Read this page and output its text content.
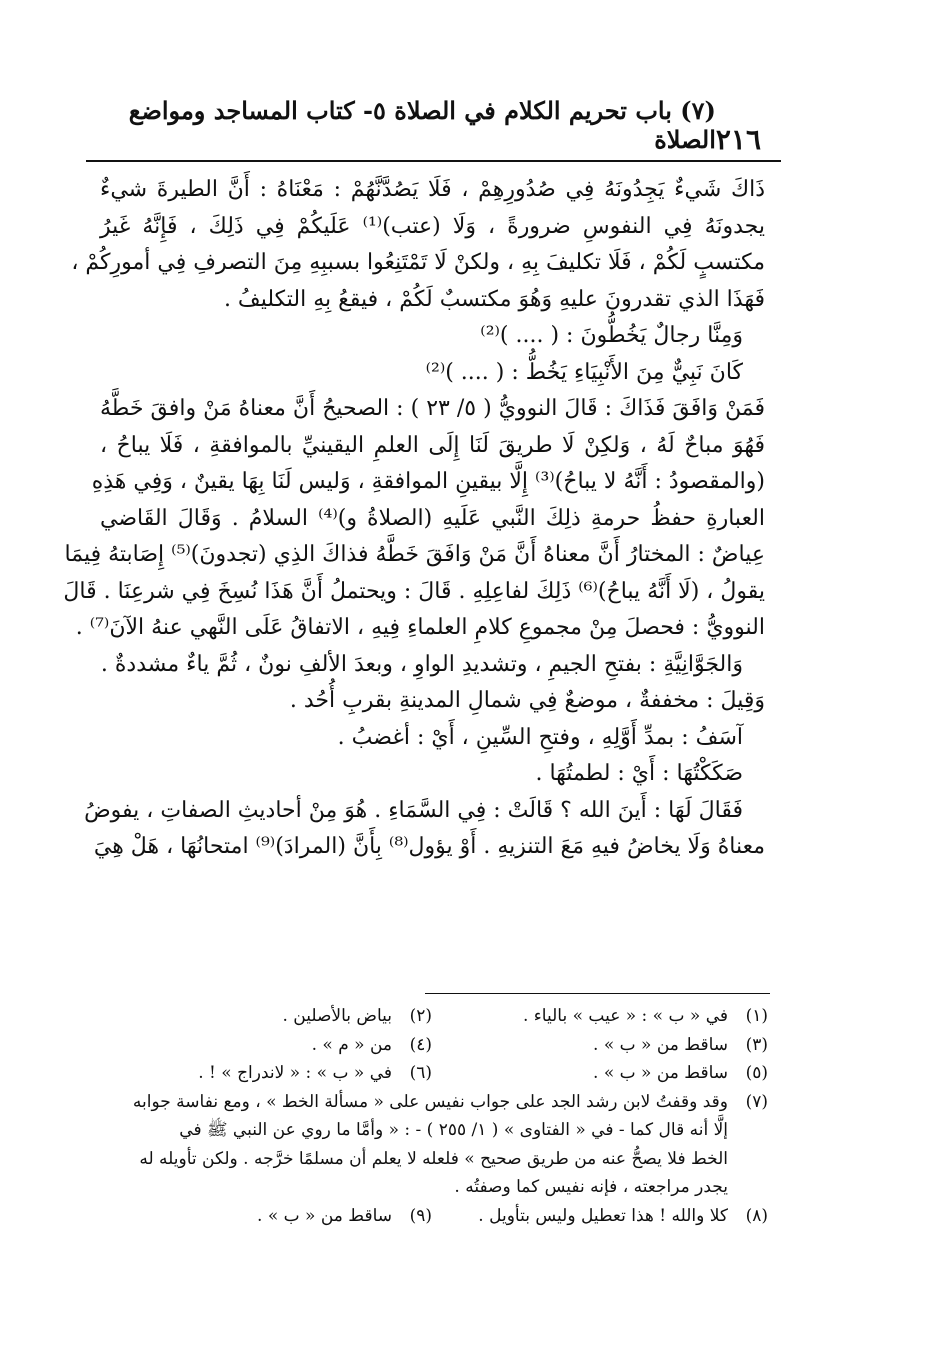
٢١٦
(٧) باب تحريم الكلام في الصلاة ٥- كتاب المساجد ومواضع الصلاة
ذَاكَ شَيءٌ يَجِدُونَهُ فِي صُدُورِهِمْ ، فَلَا يَصُدَّنَّهُمْ : مَعْنَاهُ : أَنَّ الطيرةَ شيءٌ
يجدونَهُ فِي النفوسِ ضرورةً ، وَلَا (عتب)⁽¹⁾ عَلَيكُمْ فِي ذَلِكَ ، فَإِنَّهُ غَيرُ
مكتسبٍ لَكُمْ ، فَلَا تكليفَ بِهِ ، ولكنْ لَا تَمْتَنِعُوا بسببِهِ مِنَ التصرفِ فِي أمورِكُمْ ،
فَهَذَا الذي تقدرونَ عليهِ وَهُوَ مكتسبٌ لَكُمْ ، فيقعُ بِهِ التكليفُ .
وَمِنَّا رجالٌ يَخُطُّونَ : ( .... )⁽²⁾
كَانَ نَبِيٌّ مِنَ الأَنْبِيَاءِ يَخُطُّ : ( .... )⁽²⁾
فَمَنْ وَافَقَ فَذَاكَ : قَالَ النوويُّ ( ٥/ ٢٣ ) : الصحيحُ أَنَّ معناهُ مَنْ وافقَ خَطَّهُ
فَهُوَ مباحٌ لَهُ ، وَلكِنْ لَا طريقَ لَنَا إِلَى العلمِ اليقينيِّ بالموافقةِ ، فَلَا يباحُ ،
(والمقصودُ : أَنَّهُ لا يباحُ)⁽³⁾ إِلَّا بيقينِ الموافقةِ ، وَليس لَنَا بِهَا يقينٌ ، وَفِي هَذِهِ
العبارةِ حفظُ حرمةِ ذلِكَ النَّبي عَلَيهِ (الصلاةُ و)⁽⁴⁾ السلامُ . وَقَالَ القَاضي
عِياضٌ : المختارُ أَنَّ معناهُ أَنَّ مَنْ وَافَقَ خَطَّهُ فذاكَ الذِي (تجدونَ)⁽⁵⁾ إِصَابتهُ فِيمَا
يقولُ ، (لَا أَنَّهُ يباحُ)⁽⁶⁾ ذَلِكَ لفاعِلِهِ . قَالَ : ويحتملُ أَنَّ هَذَا نُسِخَ فِي شرعِنَا . قَالَ
النوويُّ : فحصلَ مِنْ مجموعِ كلامِ العلماءِ فِيهِ ، الاتفاقُ عَلَى النَّهي عنهُ الآنَ⁽⁷⁾ .
وَالجَوَّانِيَّةِ : بفتحِ الجيمِ ، وتشديدِ الواوِ ، وبعدَ الألفِ نونٌ ، ثُمَّ ياءٌ مشددةٌ .
وَقِيلَ : مخففةٌ ، موضعٌ فِي شمالِ المدينةِ بقربِ أُحُد .
آسَفُ : بمدِّ أَوَّلِهِ ، وفتحِ السِّينِ ، أَيْ : أغضبُ .
صَكَكْتُهَا : أَيْ : لطمتُهَا .
فَقَالَ لَهَا : أَينَ الله ؟ قَالَتْ : فِي السَّمَاءِ . هُوَ مِنْ أحاديثِ الصفاتِ ، يفوضُ
معناهُ وَلَا يخاضُ فيهِ مَعَ التنزيهِ . أَوْ يؤول⁽⁸⁾ بِأَنَّ (المرادَ)⁽⁹⁾ امتحانُهَا ، هَلْ هِيَ
(١)
في « ب » : « عيب » بالياء .
(٢)
بياض بالأصلين .
(٣)
ساقط من « ب » .
(٤)
من « م » .
(٥)
ساقط من « ب » .
(٦)
في « ب » : « لاندراج » ! .
(٧)
وقد وقفتُ لابن رشد الجد على جواب نفيس على « مسألة الخط » ، ومع نفاسة جوابه
إلَّا أنه قال كما - في « الفتاوى » ( ١/ ٢٥٥ ) - : « وأمَّا ما روي عن النبي ﷺ في
الخط فلا يصحُّ عنه من طريق صحيح » فلعله لا يعلم أن مسلمًا خرَّجه . ولكن تأويله له
يجدر مراجعته ، فإنه نفيس كما وصفتُه .
(٨)
كلا والله ! هذا تعطيل وليس بتأويل .
(٩)
ساقط من « ب » .
